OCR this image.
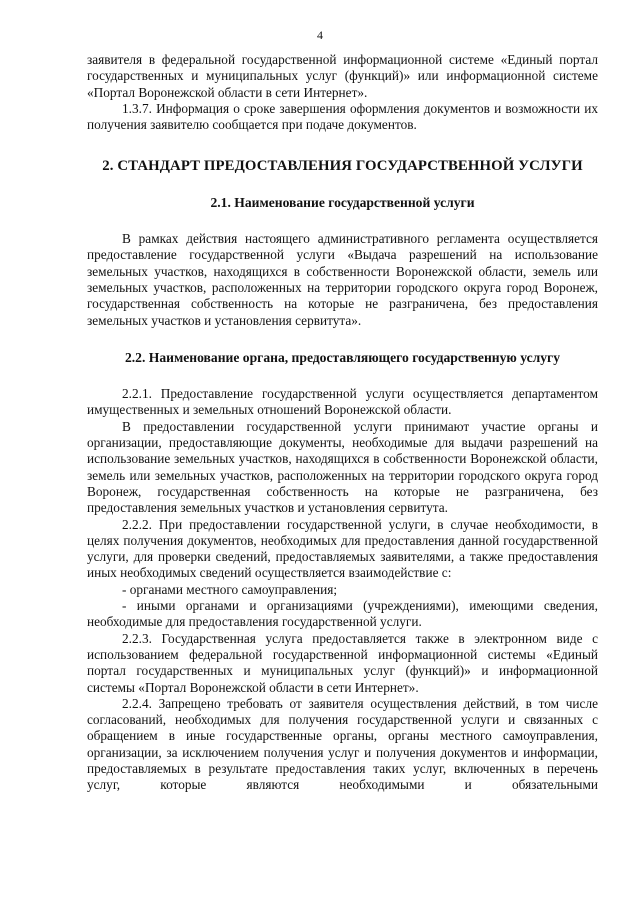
4

заявителя в федеральной государственной информационной системе «Единый портал государственных и муниципальных услуг (функций)» или информационной системе «Портал Воронежской области в сети Интернет».

1.3.7. Информация о сроке завершения оформления документов и возможности их получения заявителю сообщается при подаче документов.

2. СТАНДАРТ ПРЕДОСТАВЛЕНИЯ ГОСУДАРСТВЕННОЙ УСЛУГИ
2.1. Наименование государственной услуги

В рамках действия настоящего административного регламента осуществляется предоставление государственной услуги «Выдача разрешений на использование земельных участков, находящихся в собственности Воронежской области, земель или земельных участков, расположенных на территории городского округа город Воронеж, государственная собственность на которые не разграничена, без предоставления земельных участков и установления сервитута».

2.2. Наименование органа, предоставляющего государственную услугу

2.2.1. Предоставление государственной услуги осуществляется департаментом имущественных и земельных отношений Воронежской области.

В предоставлении государственной услуги принимают участие органы и организации, предоставляющие документы, необходимые для выдачи разрешений на использование земельных участков, находящихся в собственности Воронежской области, земель или земельных участков, расположенных на территории городского округа город Воронеж, государственная собственность на которые не разграничена, без предоставления земельных участков и установления сервитута.

2.2.2. При предоставлении государственной услуги, в случае необходимости, в целях получения документов, необходимых для предоставления данной государственной услуги, для проверки сведений, предоставляемых заявителями, а также предоставления иных необходимых сведений осуществляется взаимодействие с:

- органами местного самоуправления;

- иными органами и организациями (учреждениями), имеющими сведения, необходимые для предоставления государственной услуги.

2.2.3. Государственная услуга предоставляется также в электронном виде с использованием федеральной государственной информационной системы «Единый портал государственных и муниципальных услуг (функций)» и информационной системы «Портал Воронежской области в сети Интернет».

2.2.4. Запрещено требовать от заявителя осуществления действий, в том числе согласований, необходимых для получения государственной услуги и связанных с обращением в иные государственные органы, органы местного самоуправления, организации, за исключением получения услуг и получения документов и информации, предоставляемых в результате предоставления таких услуг, включенных в перечень услуг, которые являются необходимыми и обязательными
